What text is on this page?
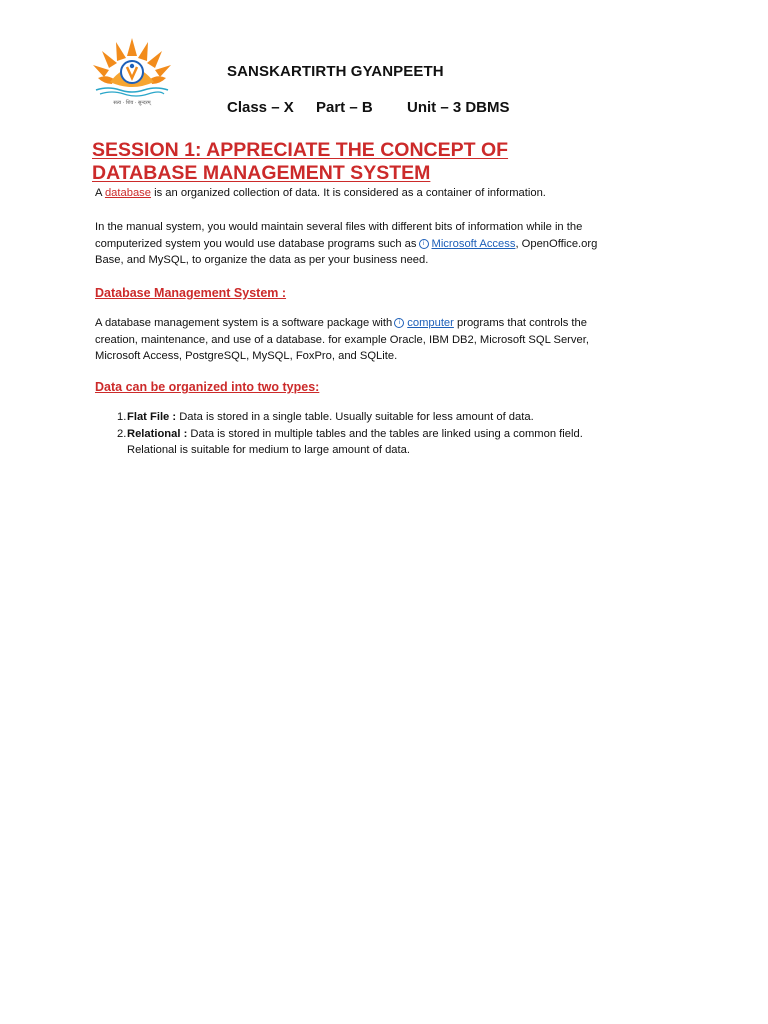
सत्य · शिव · सुन्दरम्
SANSKARTIRTH GYANPEETH
Class – X Part – B Unit – 3 DBMS
SESSION 1: APPRECIATE THE CONCEPT OF DATABASE MANAGEMENT SYSTEM

A database is an organized collection of data. It is considered as a container of information.

In the manual system, you would maintain several files with different bits of information while in the computerized system you would use database programs such as i Microsoft Access, OpenOffice.org Base, and MySQL, to organize the data as per your business need.

Database Management System :

A database management system is a software package with i computer programs that controls the creation, maintenance, and use of a database. for example Oracle, IBM DB2, Microsoft SQL Server, Microsoft Access, PostgreSQL, MySQL, FoxPro, and SQLite.

Data can be organized into two types:
1. Flat File : Data is stored in a single table. Usually suitable for less amount of data.
2. Relational : Data is stored in multiple tables and the tables are linked using a common field. Relational is suitable for medium to large amount of data.
